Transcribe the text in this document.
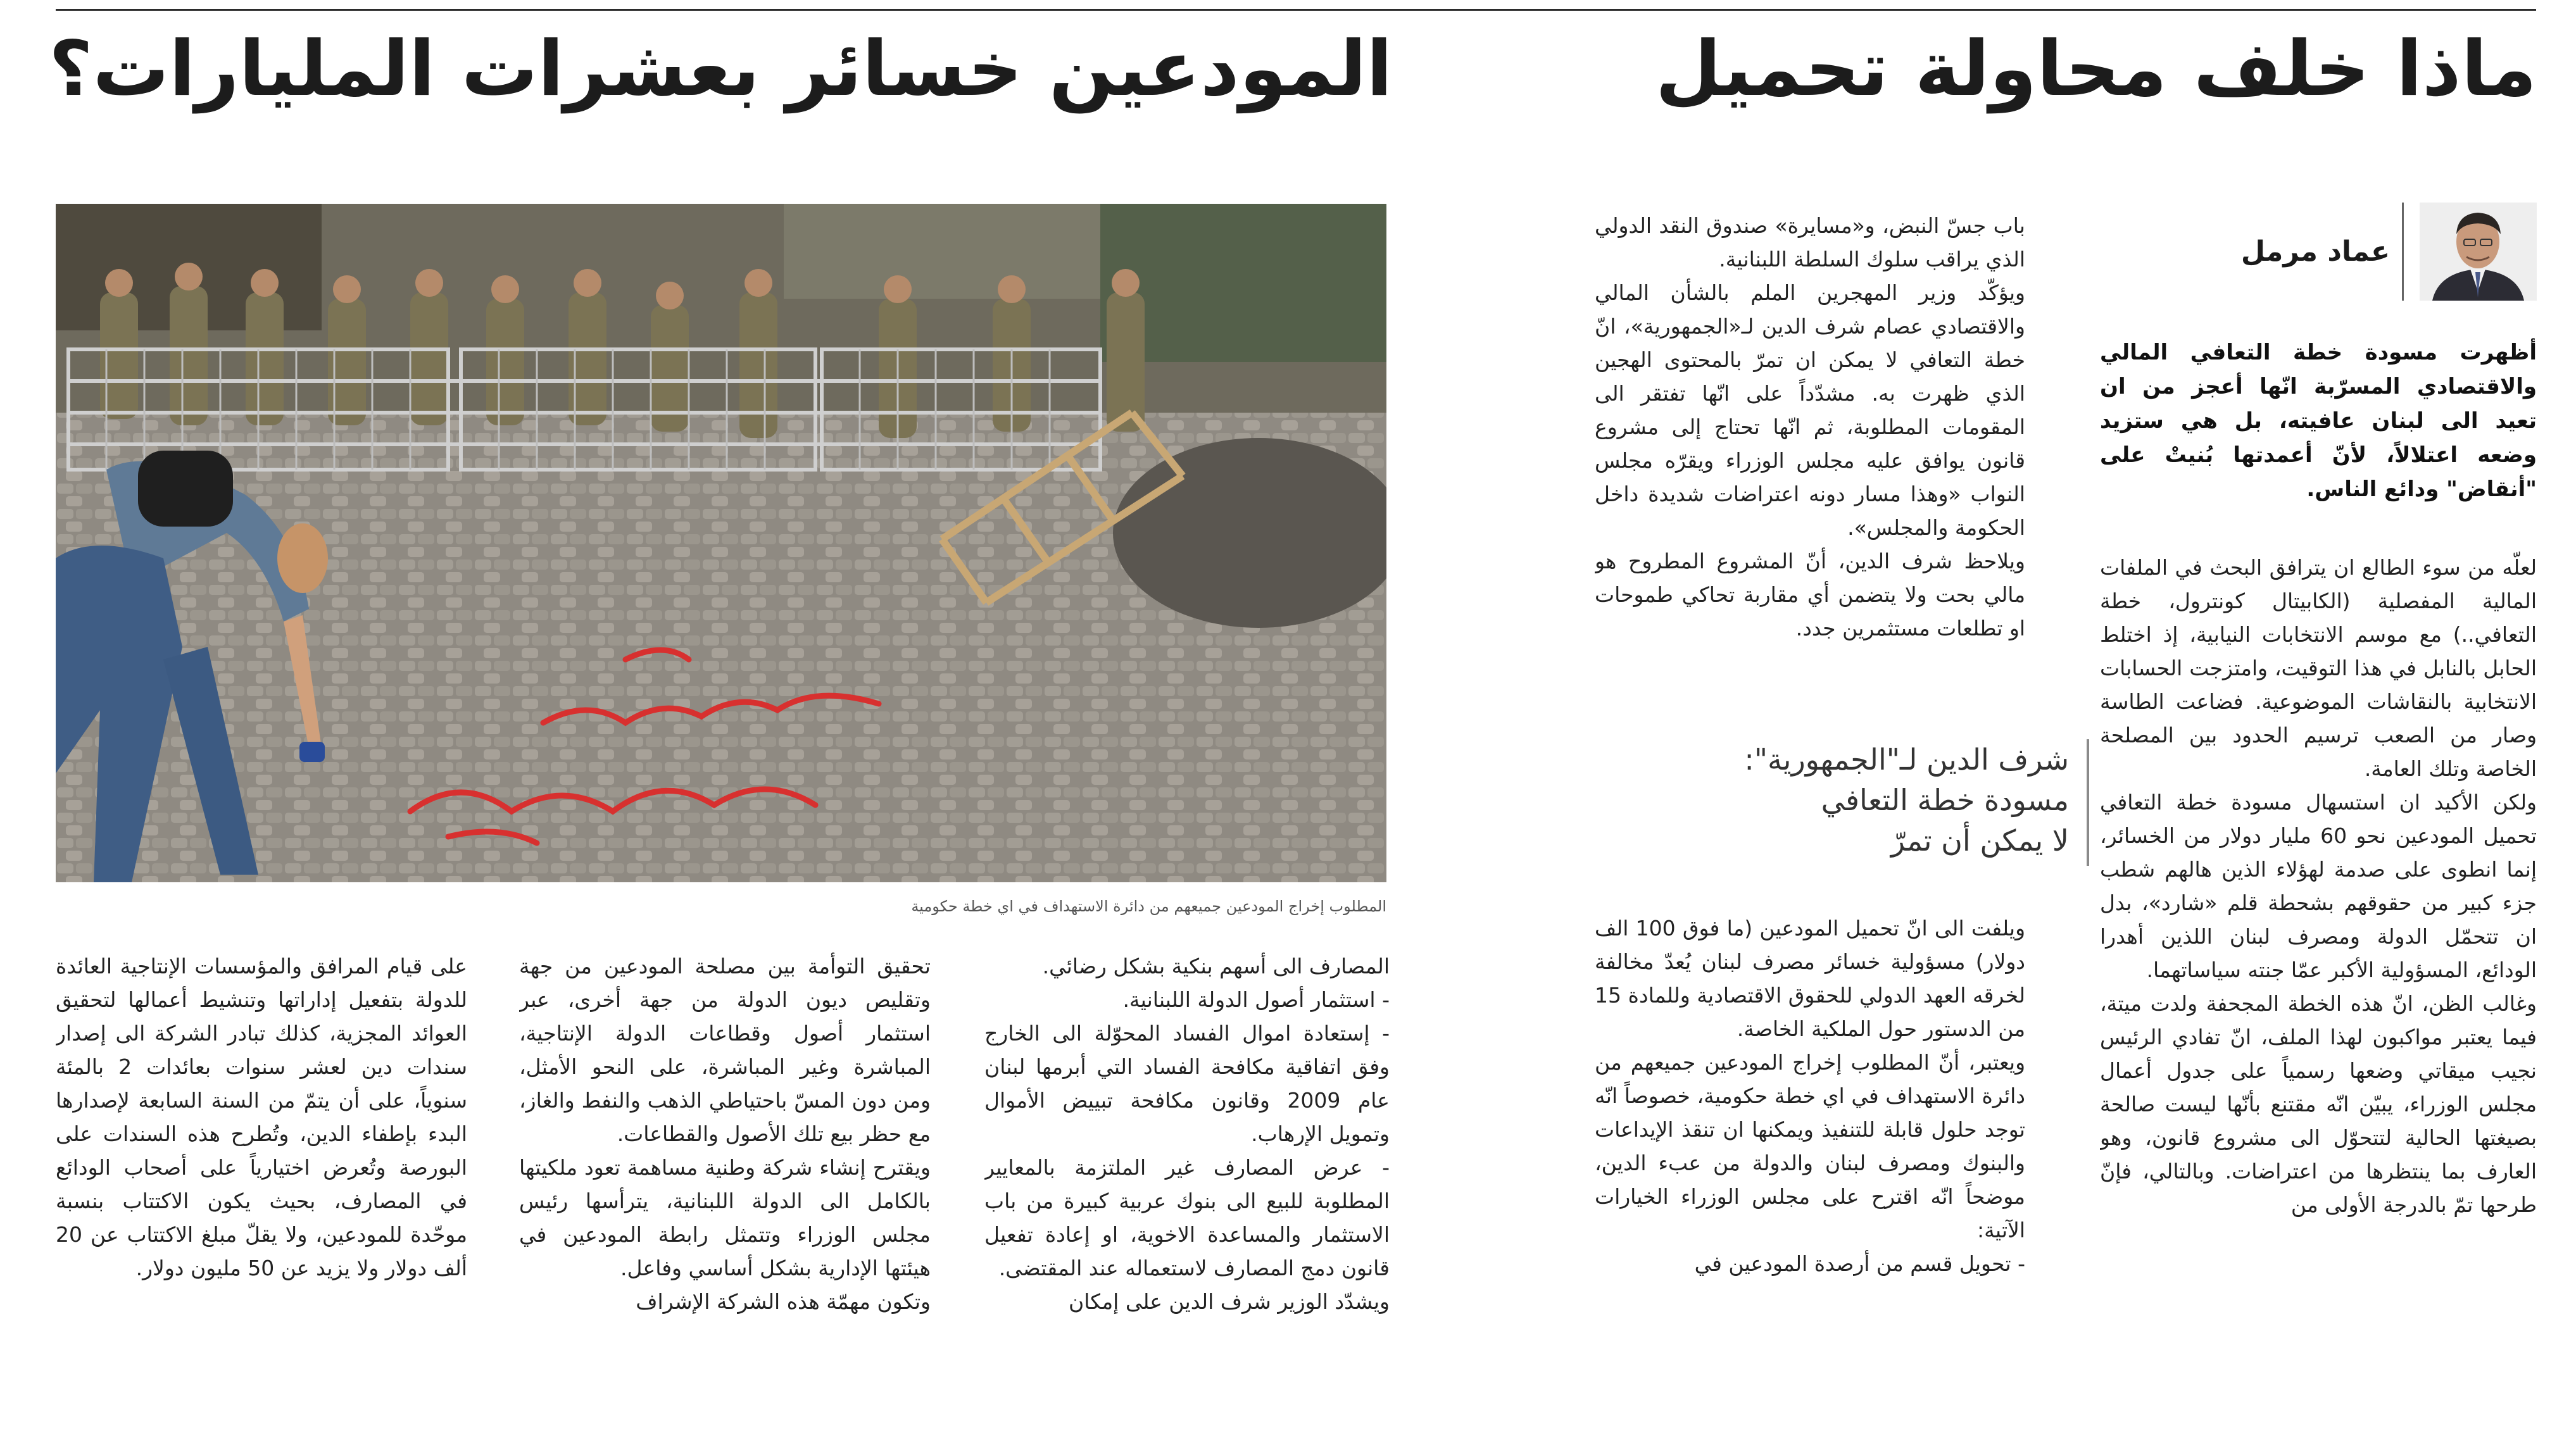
ماذا خلف محاولة تحميل
المودعين خسائر بعشرات المليارات؟
عماد مرمل

أظهرت مسودة خطة التعافي المالي والاقتصادي المسرّبة انّها أعجز من ان تعيد الى لبنان عافيته، بل هي ستزيد وضعه اعتلالاً، لأنّ أعمدتها بُنيتْ على "أنقاض" ودائع الناس.

لعلّه من سوء الطالع ان يترافق البحث في الملفات المالية المفصلية (الكابيتال كونترول، خطة التعافي..) مع موسم الانتخابات النيابية، إذ اختلط الحابل بالنابل في هذا التوقيت، وامتزجت الحسابات الانتخابية بالنقاشات الموضوعية. فضاعت الطاسة وصار من الصعب ترسيم الحدود بين المصلحة الخاصة وتلك العامة.

ولكن الأكيد ان استسهال مسودة خطة التعافي تحميل المودعين نحو 60 مليار دولار من الخسائر، إنما انطوى على صدمة لهؤلاء الذين هالهم شطب جزء كبير من حقوقهم بشحطة قلم «شارد»، بدل ان تتحمّل الدولة ومصرف لبنان اللذين أهدرا الودائع، المسؤولية الأكبر عمّا جنته سياساتهما.

وغالب الظن، انّ هذه الخطة المجحفة ولدت ميتة، فيما يعتبر مواكبون لهذا الملف، انّ تفادي الرئيس نجيب ميقاتي وضعها رسمياً على جدول أعمال مجلس الوزراء، يبيّن انّه مقتنع بأنّها ليست صالحة بصيغتها الحالية لتتحوّل الى مشروع قانون، وهو العارف بما ينتظرها من اعتراضات. وبالتالي، فإنّ طرحها تمّ بالدرجة الأولى من

باب جسّ النبض، و«مسايرة» صندوق النقد الدولي الذي يراقب سلوك السلطة اللبنانية.

ويؤكّد وزير المهجرين الملم بالشأن المالي والاقتصادي عصام شرف الدين لـ«الجمهورية»، انّ خطة التعافي لا يمكن ان تمرّ بالمحتوى الهجين الذي ظهرت به. مشدّداً على انّها تفتقر الى المقومات المطلوبة، ثم انّها تحتاج إلى مشروع قانون يوافق عليه مجلس الوزراء ويقرّه مجلس النواب «وهذا مسار دونه اعتراضات شديدة داخل الحكومة والمجلس».

ويلاحظ شرف الدين، أنّ المشروع المطروح هو مالي بحت ولا يتضمن أي مقاربة تحاكي طموحات او تطلعات مستثمرين جدد.

شرف الدين لـ"الجمهورية":
مسودة خطة التعافي
لا يمكن أن تمرّ

ويلفت الى انّ تحميل المودعين (ما فوق 100 الف دولار) مسؤولية خسائر مصرف لبنان يُعدّ مخالفة لخرقه العهد الدولي للحقوق الاقتصادية وللمادة 15 من الدستور حول الملكية الخاصة.

ويعتبر، أنّ المطلوب إخراج المودعين جميعهم من دائرة الاستهداف في اي خطة حكومية، خصوصاً انّه توجد حلول قابلة للتنفيذ ويمكنها ان تنقذ الإيداعات والبنوك ومصرف لبنان والدولة من عبء الدين، موضحاً انّه اقترح على مجلس الوزراء الخيارات الآتية:

- تحويل قسم من أرصدة المودعين في

المطلوب إخراج المودعين جميعهم من دائرة الاستهداف في اي خطة حكومية

المصارف الى أسهم بنكية بشكل رضائي.

- استثمار أصول الدولة اللبنانية.

- إستعادة اموال الفساد المحوّلة الى الخارج وفق اتفاقية مكافحة الفساد التي أبرمها لبنان عام 2009 وقانون مكافحة تبييض الأموال وتمويل الإرهاب.

- عرض المصارف غير الملتزمة بالمعايير المطلوبة للبيع الى بنوك عربية كبيرة من باب الاستثمار والمساعدة الاخوية، او إعادة تفعيل قانون دمج المصارف لاستعماله عند المقتضى.

ويشدّد الوزير شرف الدين على إمكان

تحقيق التوأمة بين مصلحة المودعين من جهة وتقليص ديون الدولة من جهة أخرى، عبر استثمار أصول وقطاعات الدولة الإنتاجية، المباشرة وغير المباشرة، على النحو الأمثل، ومن دون المسّ باحتياطي الذهب والنفط والغاز، مع حظر بيع تلك الأصول والقطاعات.

ويقترح إنشاء شركة وطنية مساهمة تعود ملكيتها بالكامل الى الدولة اللبنانية، يترأسها رئيس مجلس الوزراء وتتمثل رابطة المودعين في هيئتها الإدارية بشكل أساسي وفاعل.

وتكون مهمّة هذه الشركة الإشراف

على قيام المرافق والمؤسسات الإنتاجية العائدة للدولة بتفعيل إداراتها وتنشيط أعمالها لتحقيق العوائد المجزية، كذلك تبادر الشركة الى إصدار سندات دين لعشر سنوات بعائدات 2 بالمئة سنوياً، على أن يتمّ من السنة السابعة لإصدارها البدء بإطفاء الدين، وتُطرح هذه السندات على البورصة وتُعرض اختيارياً على أصحاب الودائع في المصارف، بحيث يكون الاكتتاب بنسبة موحّدة للمودعين، ولا يقلّ مبلغ الاكتتاب عن 20 ألف دولار ولا يزيد عن 50 مليون دولار.
